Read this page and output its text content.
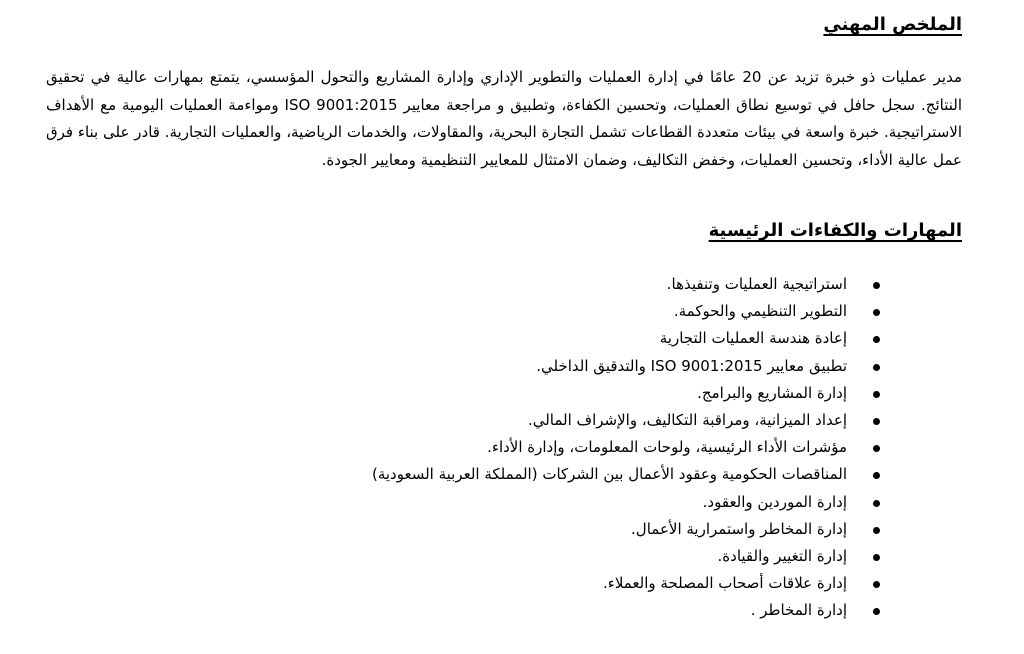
الملخص المهني

مدير عمليات ذو خبرة تزيد عن 20 عامًا في إدارة العمليات والتطوير الإداري وإدارة المشاريع والتحول المؤسسي، يتمتع بمهارات عالية في تحقيق النتائج. سجل حافل في توسيع نطاق العمليات، وتحسين الكفاءة، وتطبيق و مراجعة معايير ISO 9001:2015 ومواءمة العمليات اليومية مع الأهداف الاستراتيجية. خبرة واسعة في بيئات متعددة القطاعات تشمل التجارة البحرية، والمقاولات، والخدمات الرياضية، والعمليات التجارية. قادر على بناء فرق عمل عالية الأداء، وتحسين العمليات، وخفض التكاليف، وضمان الامتثال للمعايير التنظيمية ومعايير الجودة.

المهارات والكفاءات الرئيسية
استراتيجية العمليات وتنفيذها.
التطوير التنظيمي والحوكمة.
إعادة هندسة العمليات التجارية
تطبيق معايير ISO 9001:2015 والتدقيق الداخلي.
إدارة المشاريع والبرامج.
إعداد الميزانية، ومراقبة التكاليف، والإشراف المالي.
مؤشرات الأداء الرئيسية، ولوحات المعلومات، وإدارة الأداء.
المناقصات الحكومية وعقود الأعمال بين الشركات (المملكة العربية السعودية)
إدارة الموردين والعقود.
إدارة المخاطر واستمرارية الأعمال.
إدارة التغيير والقيادة.
إدارة علاقات أصحاب المصلحة والعملاء.
إدارة المخاطر .
